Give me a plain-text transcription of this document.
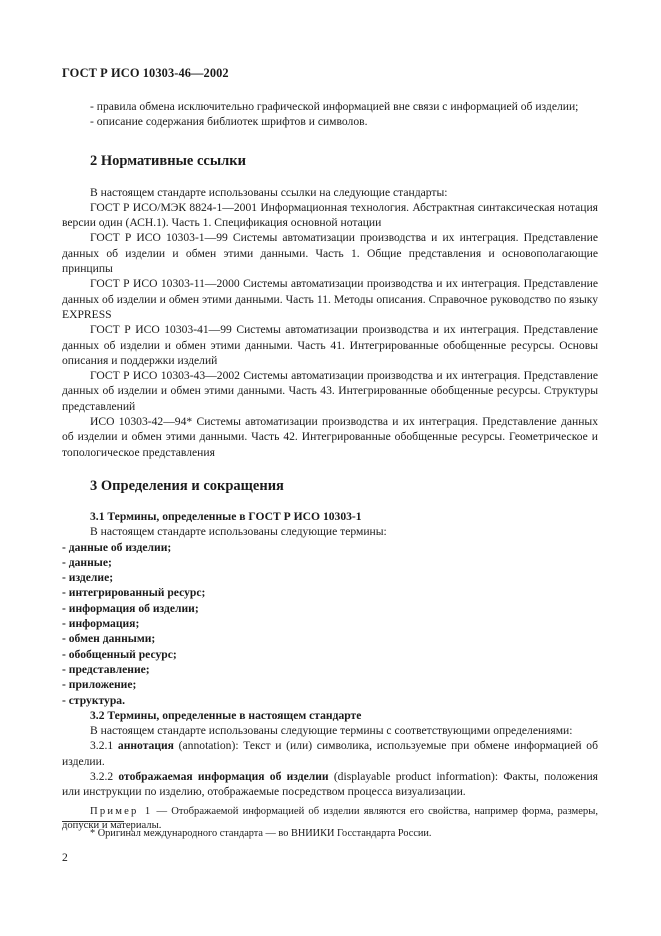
ГОСТ Р ИСО 10303-46—2002

- правила обмена исключительно графической информацией вне связи с информацией об изделии;

- описание содержания библиотек шрифтов и символов.

2 Нормативные ссылки

В настоящем стандарте использованы ссылки на следующие стандарты:

ГОСТ Р ИСО/МЭК 8824-1—2001 Информационная технология. Абстрактная синтаксическая нотация версии один (АСН.1). Часть 1. Спецификация основной нотации

ГОСТ Р ИСО 10303-1—99 Системы автоматизации производства и их интеграция. Представление данных об изделии и обмен этими данными. Часть 1. Общие представления и основополагающие принципы

ГОСТ Р ИСО 10303-11—2000 Системы автоматизации производства и их интеграция. Представление данных об изделии и обмен этими данными. Часть 11. Методы описания. Справочное руководство по языку EXPRESS

ГОСТ Р ИСО 10303-41—99 Системы автоматизации производства и их интеграция. Представление данных об изделии и обмен этими данными. Часть 41. Интегрированные обобщенные ресурсы. Основы описания и поддержки изделий

ГОСТ Р ИСО 10303-43—2002 Системы автоматизации производства и их интеграция. Представление данных об изделии и обмен этими данными. Часть 43. Интегрированные обобщенные ресурсы. Структуры представлений

ИСО 10303-42—94* Системы автоматизации производства и их интеграция. Представление данных об изделии и обмен этими данными. Часть 42. Интегрированные обобщенные ресурсы. Геометрическое и топологическое представления

3 Определения и сокращения

3.1 Термины, определенные в ГОСТ Р ИСО 10303-1

В настоящем стандарте использованы следующие термины:

- данные об изделии;

- данные;

- изделие;

- интегрированный ресурс;

- информация об изделии;

- информация;

- обмен данными;

- обобщенный ресурс;

- представление;

- приложение;

- структура.

3.2 Термины, определенные в настоящем стандарте

В настоящем стандарте использованы следующие термины с соответствующими определениями:

3.2.1 аннотация (annotation): Текст и (или) символика, используемые при обмене информацией об изделии.

3.2.2 отображаемая информация об изделии (displayable product information): Факты, положения или инструкции по изделию, отображаемые посредством процесса визуализации.

Пример 1 — Отображаемой информацией об изделии являются его свойства, например форма, размеры, допуски и материалы.

* Оригинал международного стандарта — во ВНИИКИ Госстандарта России.
2
